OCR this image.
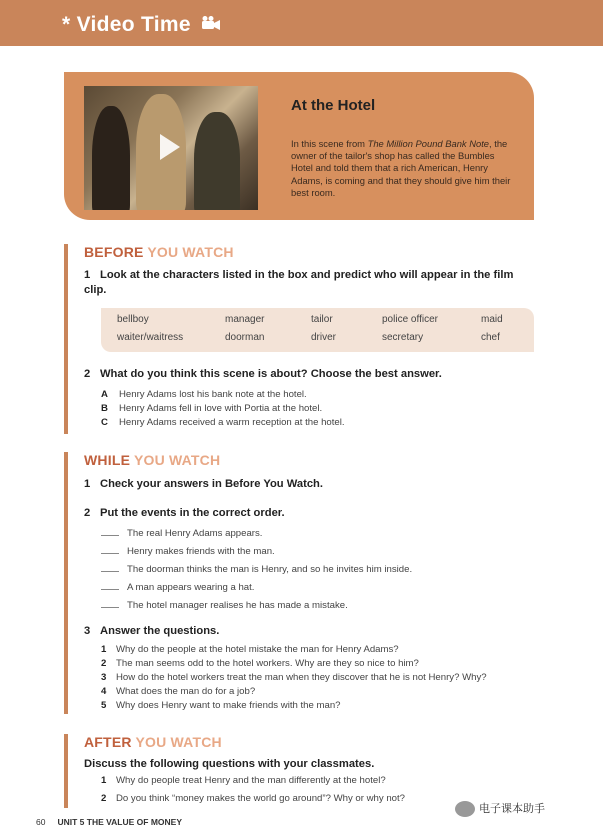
* Video Time
At the Hotel
In this scene from The Million Pound Bank Note, the owner of the tailor's shop has called the Bumbles Hotel and told them that a rich American, Henry Adams, is coming and that they should give him their best room.
BEFORE YOU WATCH
1 Look at the characters listed in the box and predict who will appear in the film clip.
bellboy	manager	tailor	police officer	maid
waiter/waitress	doorman	driver	secretary	chef
2 What do you think this scene is about? Choose the best answer.
A Henry Adams lost his bank note at the hotel.
B Henry Adams fell in love with Portia at the hotel.
C Henry Adams received a warm reception at the hotel.
WHILE YOU WATCH
1 Check your answers in Before You Watch.
2 Put the events in the correct order.
The real Henry Adams appears.
Henry makes friends with the man.
The doorman thinks the man is Henry, and so he invites him inside.
A man appears wearing a hat.
The hotel manager realises he has made a mistake.
3 Answer the questions.
1 Why do the people at the hotel mistake the man for Henry Adams?
2 The man seems odd to the hotel workers. Why are they so nice to him?
3 How do the hotel workers treat the man when they discover that he is not Henry? Why?
4 What does the man do for a job?
5 Why does Henry want to make friends with the man?
AFTER YOU WATCH
Discuss the following questions with your classmates.
1 Why do people treat Henry and the man differently at the hotel?
2 Do you think “money makes the world go around”? Why or why not?
60 UNIT 5 THE VALUE OF MONEY
电子课本助手
